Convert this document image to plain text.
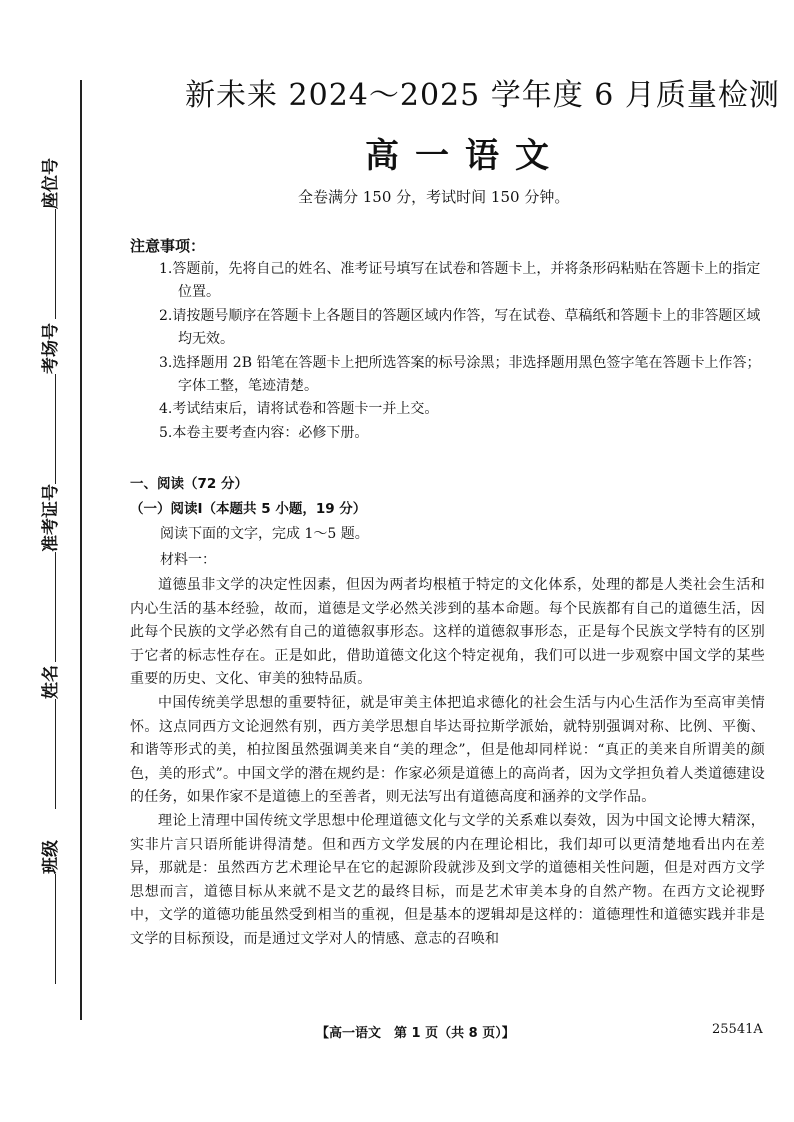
座位号
考场号
准考证号
姓名
班级
新未来 2024～2025 学年度 6 月质量检测
高一语文
全卷满分 150 分，考试时间 150 分钟。
注意事项：

1.答题前，先将自己的姓名、准考证号填写在试卷和答题卡上，并将条形码粘贴在答题卡上的指定位置。

2.请按题号顺序在答题卡上各题目的答题区域内作答，写在试卷、草稿纸和答题卡上的非答题区域均无效。

3.选择题用 2B 铅笔在答题卡上把所选答案的标号涂黑；非选择题用黑色签字笔在答题卡上作答；字体工整，笔迹清楚。

4.考试结束后，请将试卷和答题卡一并上交。

5.本卷主要考查内容：必修下册。

一、阅读（72 分）
（一）阅读Ⅰ（本题共 5 小题，19 分）
阅读下面的文字，完成 1～5 题。
材料一：

道德虽非文学的决定性因素，但因为两者均根植于特定的文化体系，处理的都是人类社会生活和内心生活的基本经验，故而，道德是文学必然关涉到的基本命题。每个民族都有自己的道德生活，因此每个民族的文学必然有自己的道德叙事形态。这样的道德叙事形态，正是每个民族文学特有的区别于它者的标志性存在。正是如此，借助道德文化这个特定视角，我们可以进一步观察中国文学的某些重要的历史、文化、审美的独特品质。

中国传统美学思想的重要特征，就是审美主体把追求德化的社会生活与内心生活作为至高审美情怀。这点同西方文论迥然有别，西方美学思想自毕达哥拉斯学派始，就特别强调对称、比例、平衡、和谐等形式的美，柏拉图虽然强调美来自“美的理念”，但是他却同样说：“真正的美来自所谓美的颜色，美的形式”。中国文学的潜在规约是：作家必须是道德上的高尚者，因为文学担负着人类道德建设的任务，如果作家不是道德上的至善者，则无法写出有道德高度和涵养的文学作品。

理论上清理中国传统文学思想中伦理道德文化与文学的关系难以奏效，因为中国文论博大精深，实非片言只语所能讲得清楚。但和西方文学发展的内在理论相比，我们却可以更清楚地看出内在差异，那就是：虽然西方艺术理论早在它的起源阶段就涉及到文学的道德相关性问题，但是对西方文学思想而言，道德目标从来就不是文艺的最终目标，而是艺术审美本身的自然产物。在西方文论视野中，文学的道德功能虽然受到相当的重视，但是基本的逻辑却是这样的：道德理性和道德实践并非是文学的目标预设，而是通过文学对人的情感、意志的召唤和

【高一语文　第 1 页（共 8 页）】	25541A
